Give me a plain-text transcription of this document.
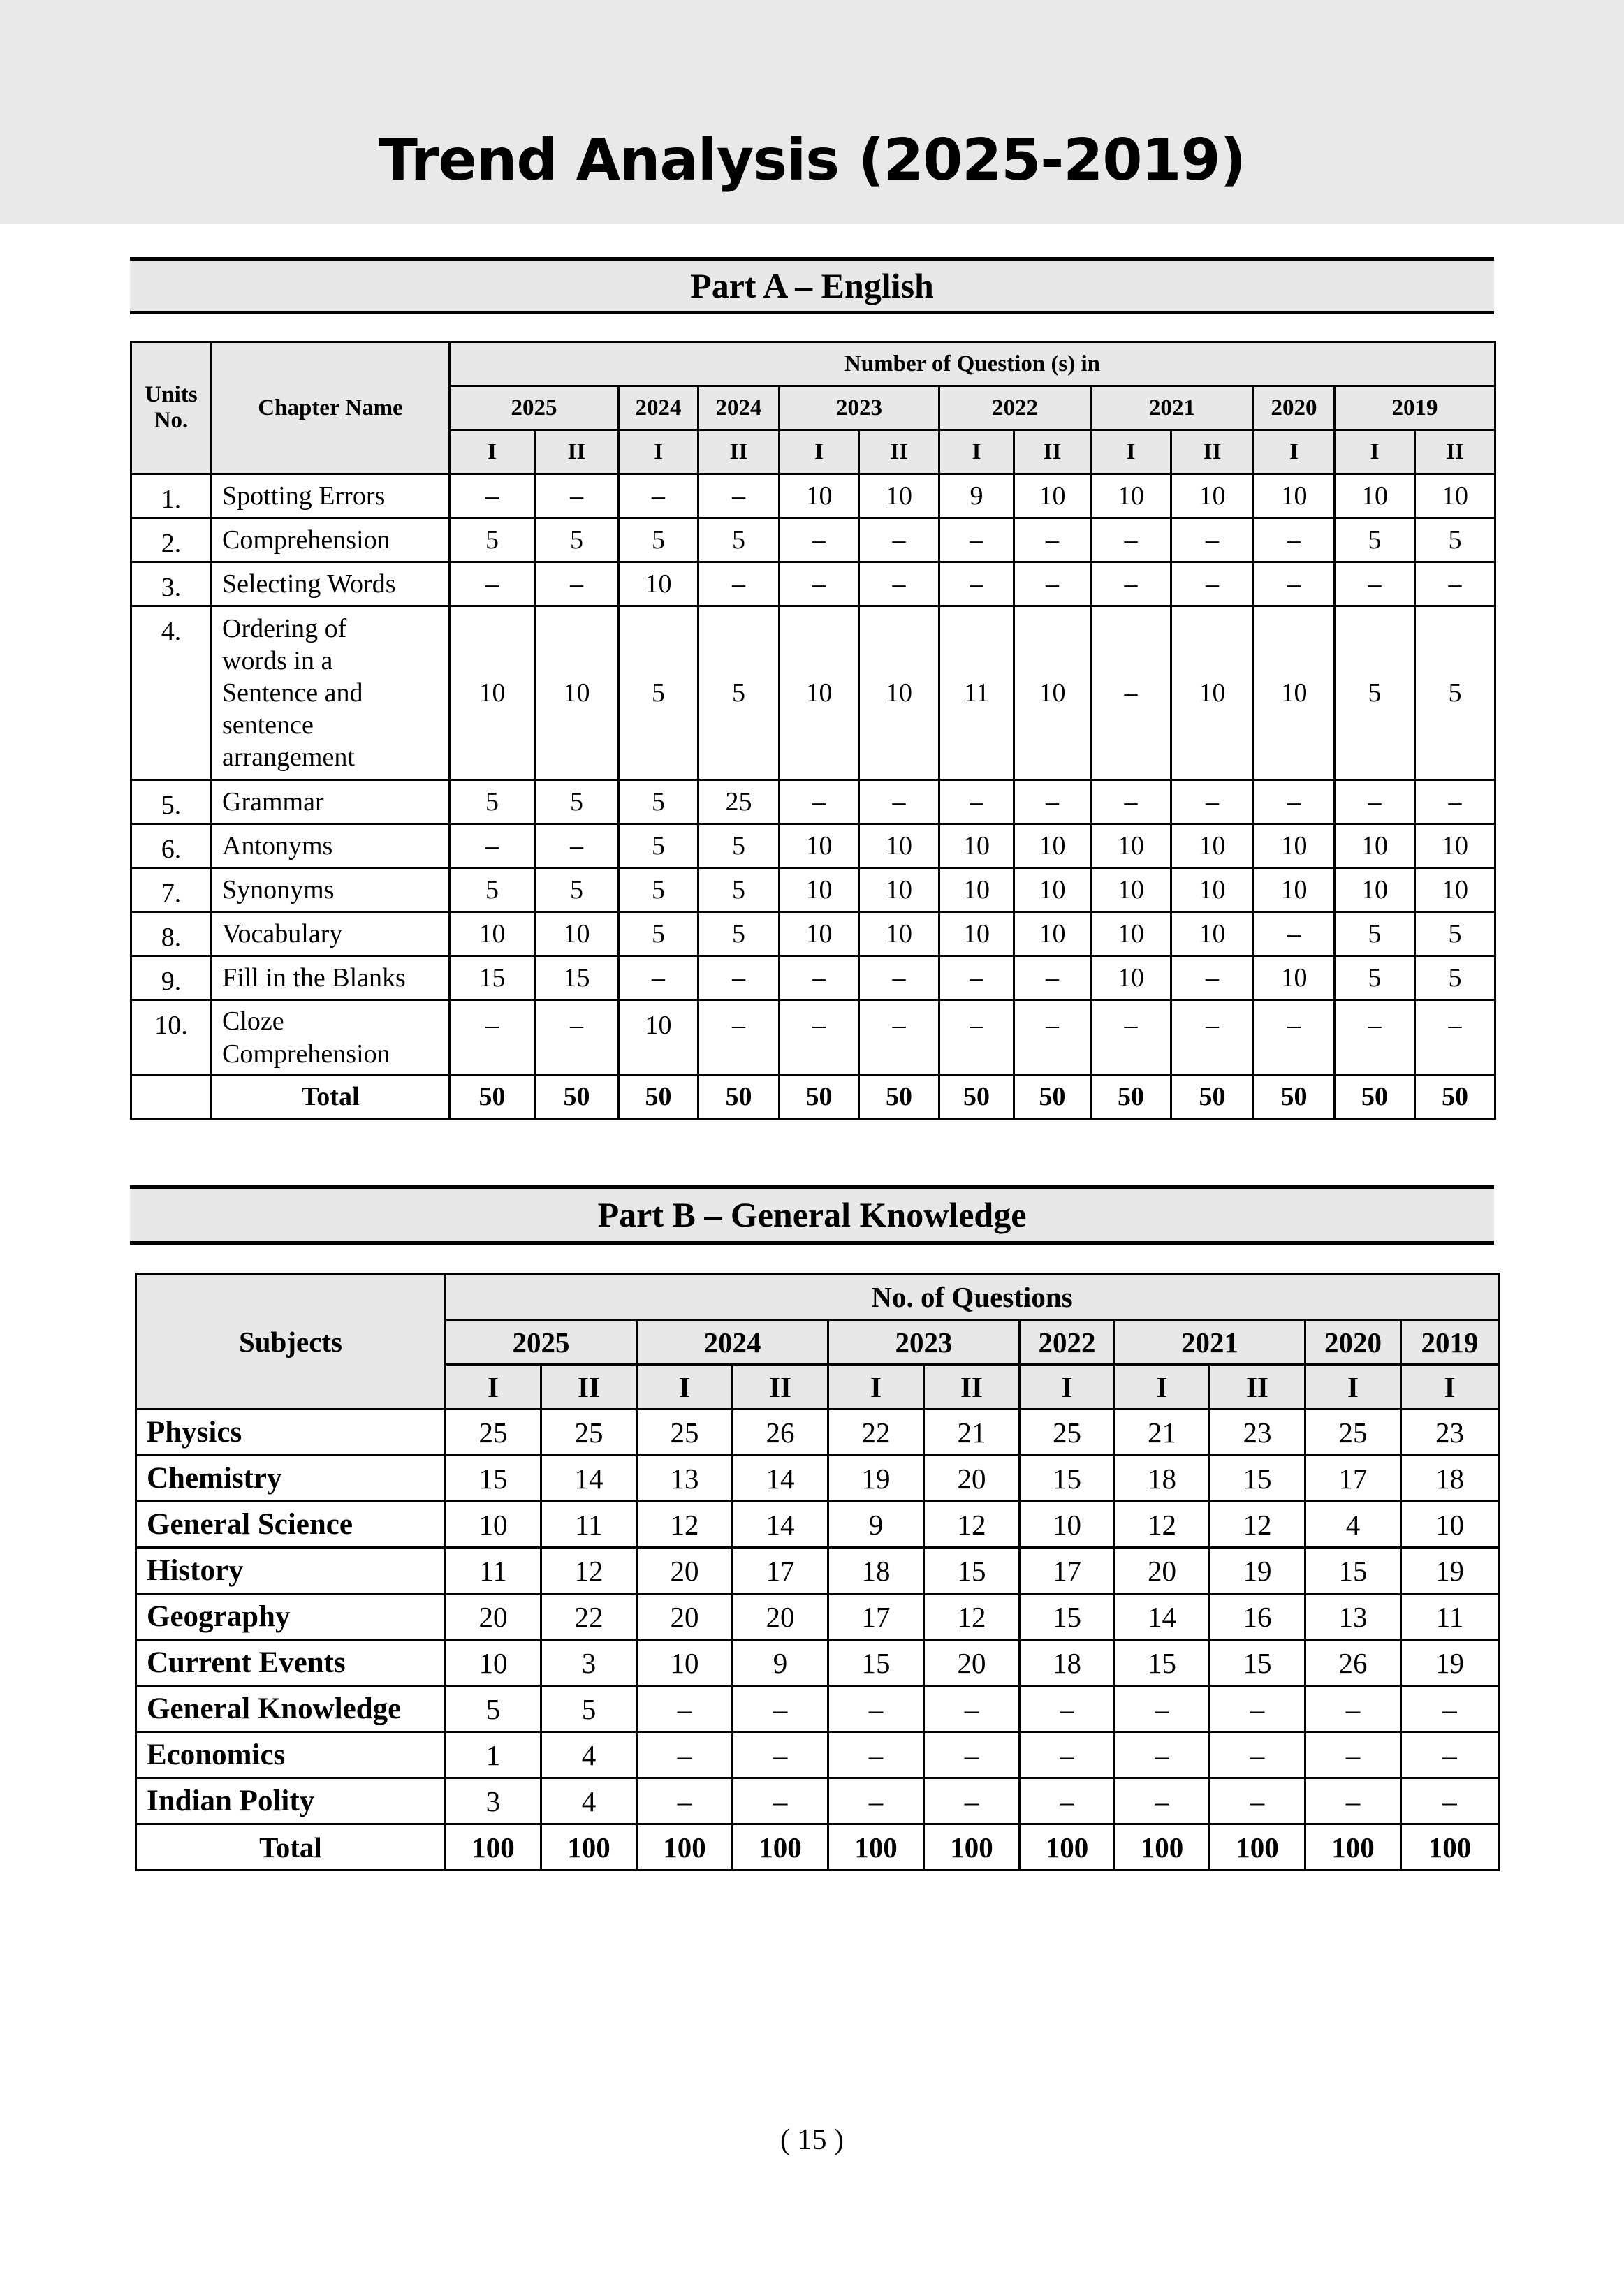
Trend Analysis (2025-2019)
Part A – English
Units
No.	Chapter Name	Number of Question (s) in												
		2025		2024	2024	2023		2022		2021		2020	2019	
		I	II	I	II	I	II	I	II	I	II	I	I	II
1.	Spotting Errors	–	–	–	–	10	10	9	10	10	10	10	10	10
2.	Comprehension	5	5	5	5	–	–	–	–	–	–	–	5	5
3.	Selecting Words	–	–	10	–	–	–	–	–	–	–	–	–	–
4.	Ordering of
words in a
Sentence and
sentence
arrangement	10	10	5	5	10	10	11	10	–	10	10	5	5
5.	Grammar	5	5	5	25	–	–	–	–	–	–	–	–	–
6.	Antonyms	–	–	5	5	10	10	10	10	10	10	10	10	10
7.	Synonyms	5	5	5	5	10	10	10	10	10	10	10	10	10
8.	Vocabulary	10	10	5	5	10	10	10	10	10	10	–	5	5
9.	Fill in the Blanks	15	15	–	–	–	–	–	–	10	–	10	5	5
10.	Cloze
Comprehension	–	–	10	–	–	–	–	–	–	–	–	–	–
	Total	50	50	50	50	50	50	50	50	50	50	50	50	50
Part B – General Knowledge
Subjects	No. of Questions										
	2025		2024		2023		2022	2021		2020	2019
	I	II	I	II	I	II	I	I	II	I	I
Physics	25	25	25	26	22	21	25	21	23	25	23
Chemistry	15	14	13	14	19	20	15	18	15	17	18
General Science	10	11	12	14	9	12	10	12	12	4	10
History	11	12	20	17	18	15	17	20	19	15	19
Geography	20	22	20	20	17	12	15	14	16	13	11
Current Events	10	3	10	9	15	20	18	15	15	26	19
General Knowledge	5	5	–	–	–	–	–	–	–	–	–
Economics	1	4	–	–	–	–	–	–	–	–	–
Indian Polity	3	4	–	–	–	–	–	–	–	–	–
Total	100	100	100	100	100	100	100	100	100	100	100
( 15 )
